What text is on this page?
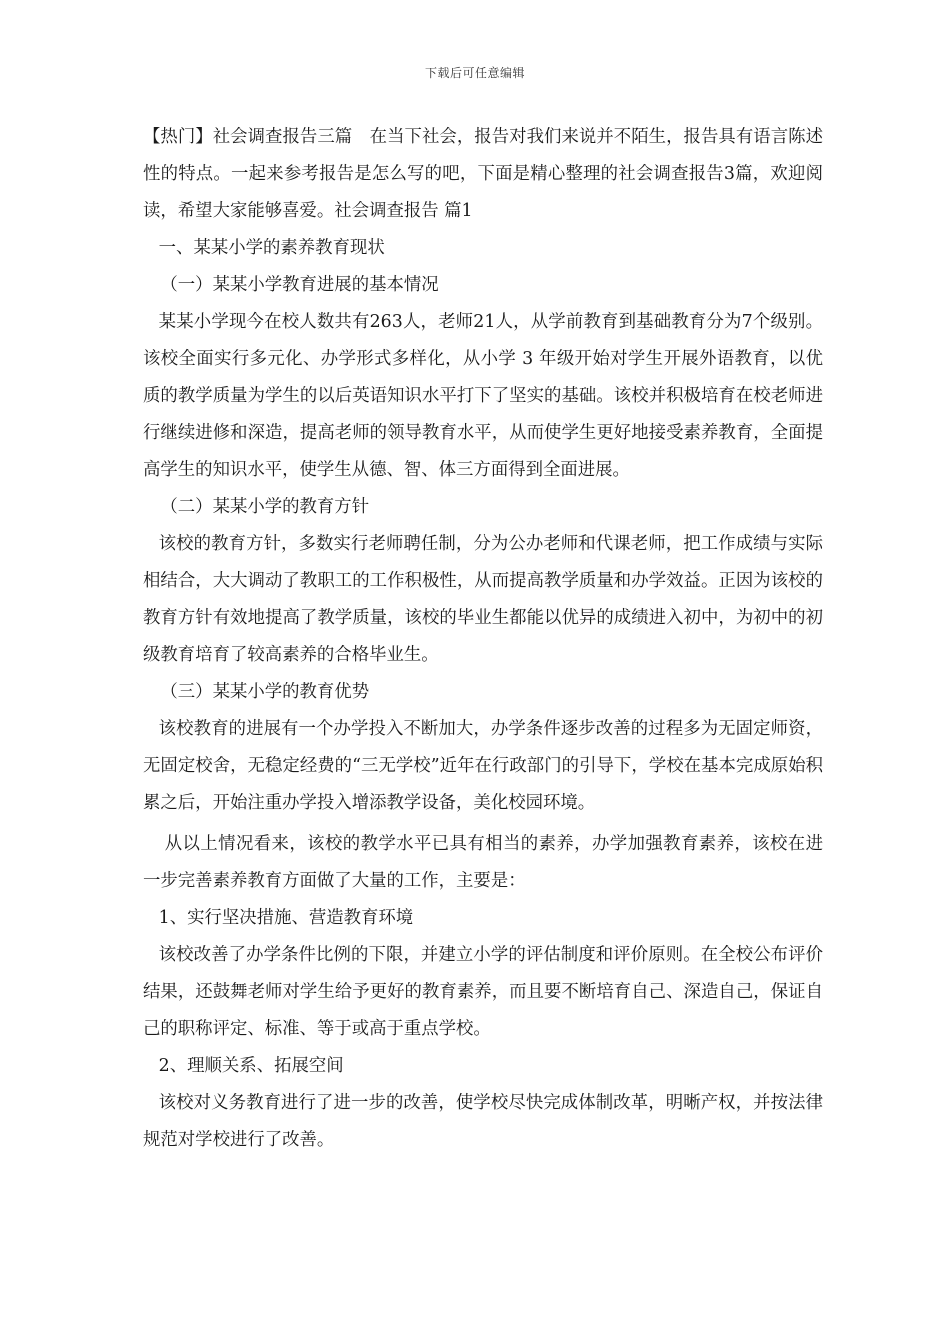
下载后可任意编辑

【热门】社会调查报告三篇　在当下社会，报告对我们来说并不陌生，报告具有语言陈述性的特点。一起来参考报告是怎么写的吧，下面是精心整理的社会调查报告3篇，欢迎阅读，希望大家能够喜爱。社会调查报告 篇1

一、某某小学的素养教育现状

（一）某某小学教育进展的基本情况

某某小学现今在校人数共有263人，老师21人，从学前教育到基础教育分为7个级别。该校全面实行多元化、办学形式多样化，从小学 3 年级开始对学生开展外语教育，以优质的教学质量为学生的以后英语知识水平打下了坚实的基础。该校并积极培育在校老师进行继续进修和深造，提高老师的领导教育水平，从而使学生更好地接受素养教育，全面提高学生的知识水平，使学生从德、智、体三方面得到全面进展。

（二）某某小学的教育方针

该校的教育方针，多数实行老师聘任制，分为公办老师和代课老师，把工作成绩与实际相结合，大大调动了教职工的工作积极性，从而提高教学质量和办学效益。正因为该校的教育方针有效地提高了教学质量，该校的毕业生都能以优异的成绩进入初中，为初中的初级教育培育了较高素养的合格毕业生。

（三）某某小学的教育优势

该校教育的进展有一个办学投入不断加大，办学条件逐步改善的过程多为无固定师资，无固定校舍，无稳定经费的“三无学校”近年在行政部门的引导下，学校在基本完成原始积累之后，开始注重办学投入增添教学设备，美化校园环境。

从以上情况看来，该校的教学水平已具有相当的素养，办学加强教育素养，该校在进一步完善素养教育方面做了大量的工作，主要是：

1、实行坚决措施、营造教育环境

该校改善了办学条件比例的下限，并建立小学的评估制度和评价原则。在全校公布评价结果，还鼓舞老师对学生给予更好的教育素养，而且要不断培育自己、深造自己，保证自己的职称评定、标准、等于或高于重点学校。

2、理顺关系、拓展空间

该校对义务教育进行了进一步的改善，使学校尽快完成体制改革，明晰产权，并按法律规范对学校进行了改善。
